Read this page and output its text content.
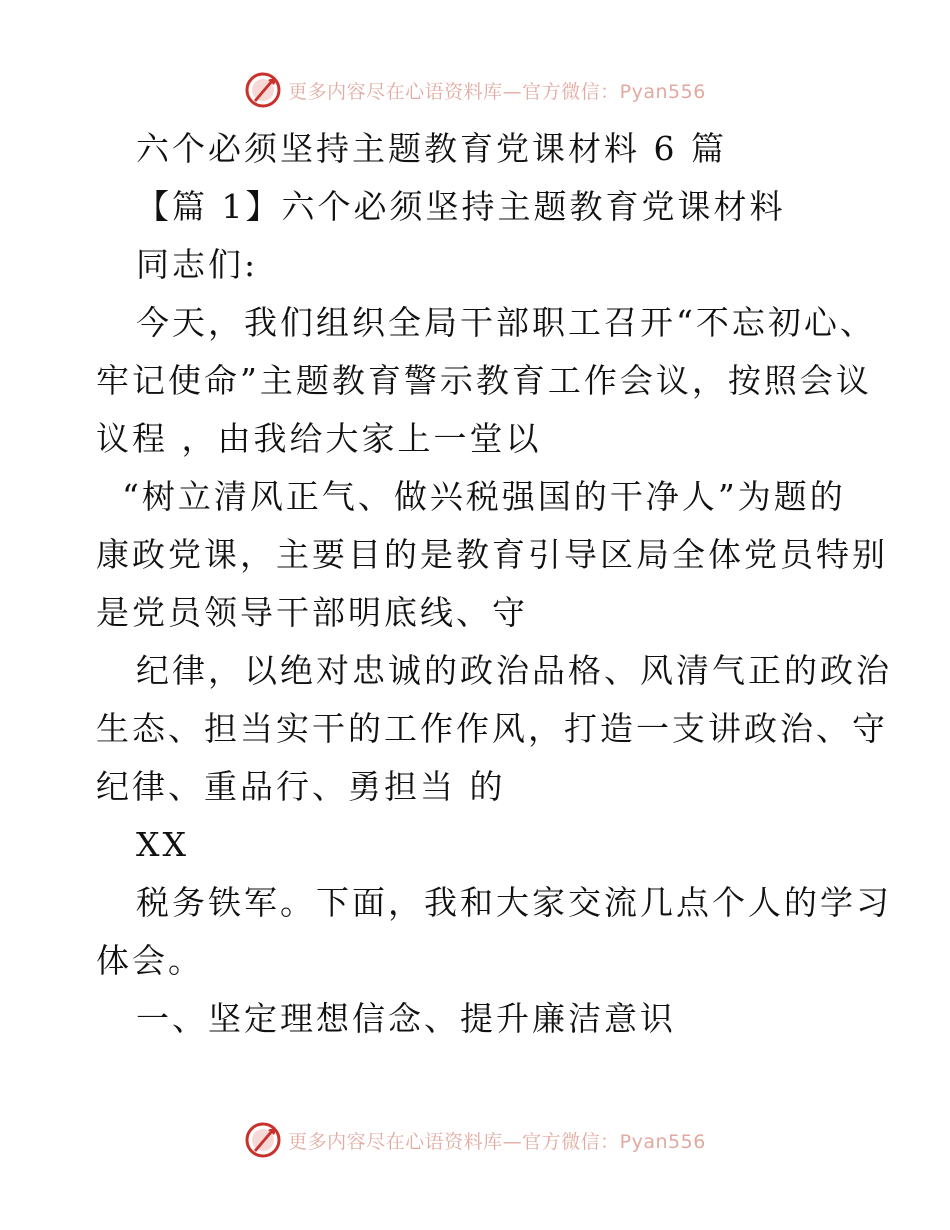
更多内容尽在心语资料库—官方微信：Pyan556
六个必须坚持主题教育党课材料 6 篇
【篇 1】六个必须坚持主题教育党课材料
同志们:
今天，我们组织全局干部职工召开“不忘初心、
牢记使命”主题教育警示教育工作会议，按照会议
议程 ，由我给大家上一堂以
“树立清风正气、做兴税强国的干净人”为题的
康政党课，主要目的是教育引导区局全体党员特别
是党员领导干部明底线、守
纪律，以绝对忠诚的政治品格、风清气正的政治
生态、担当实干的工作作风，打造一支讲政治、守
纪律、重品行、勇担当 的
XX
税务铁军。下面，我和大家交流几点个人的学习
体会。
一、坚定理想信念、提升廉洁意识
更多内容尽在心语资料库—官方微信：Pyan556
